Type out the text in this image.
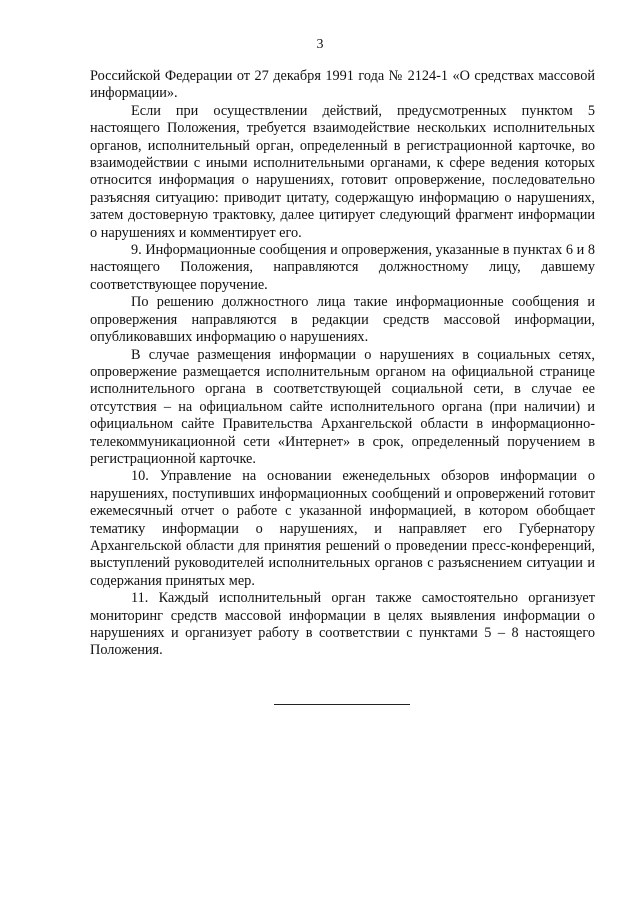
3

Российской Федерации от 27 декабря 1991 года № 2124-1 «О средствах массовой информации».

Если при осуществлении действий, предусмотренных пунктом 5 настоящего Положения, требуется взаимодействие нескольких исполнительных органов, исполнительный орган, определенный в регистрационной карточке, во взаимодействии с иными исполнительными органами, к сфере ведения которых относится информация о нарушениях, готовит опровержение, последовательно разъясняя ситуацию: приводит цитату, содержащую информацию о нарушениях, затем достоверную трактовку, далее цитирует следующий фрагмент информации о нарушениях и комментирует его.

9. Информационные сообщения и опровержения, указанные в пунктах 6 и 8 настоящего Положения, направляются должностному лицу, давшему соответствующее поручение.

По решению должностного лица такие информационные сообщения и опровержения направляются в редакции средств массовой информации, опубликовавших информацию о нарушениях.

В случае размещения информации о нарушениях в социальных сетях, опровержение размещается исполнительным органом на официальной странице исполнительного органа в соответствующей социальной сети, в случае ее отсутствия – на официальном сайте исполнительного органа (при наличии) и официальном сайте Правительства Архангельской области в информационно-телекоммуникационной сети «Интернет» в срок, определенный поручением в регистрационной карточке.

10. Управление на основании еженедельных обзоров информации о нарушениях, поступивших информационных сообщений и опровержений готовит ежемесячный отчет о работе с указанной информацией, в котором обобщает тематику информации о нарушениях, и направляет его Губернатору Архангельской области для принятия решений о проведении пресс-конференций, выступлений руководителей исполнительных органов с разъяснением ситуации и содержания принятых мер.

11. Каждый исполнительный орган также самостоятельно организует мониторинг средств массовой информации в целях выявления информации о нарушениях и организует работу в соответствии с пунктами 5 – 8 настоящего Положения.
